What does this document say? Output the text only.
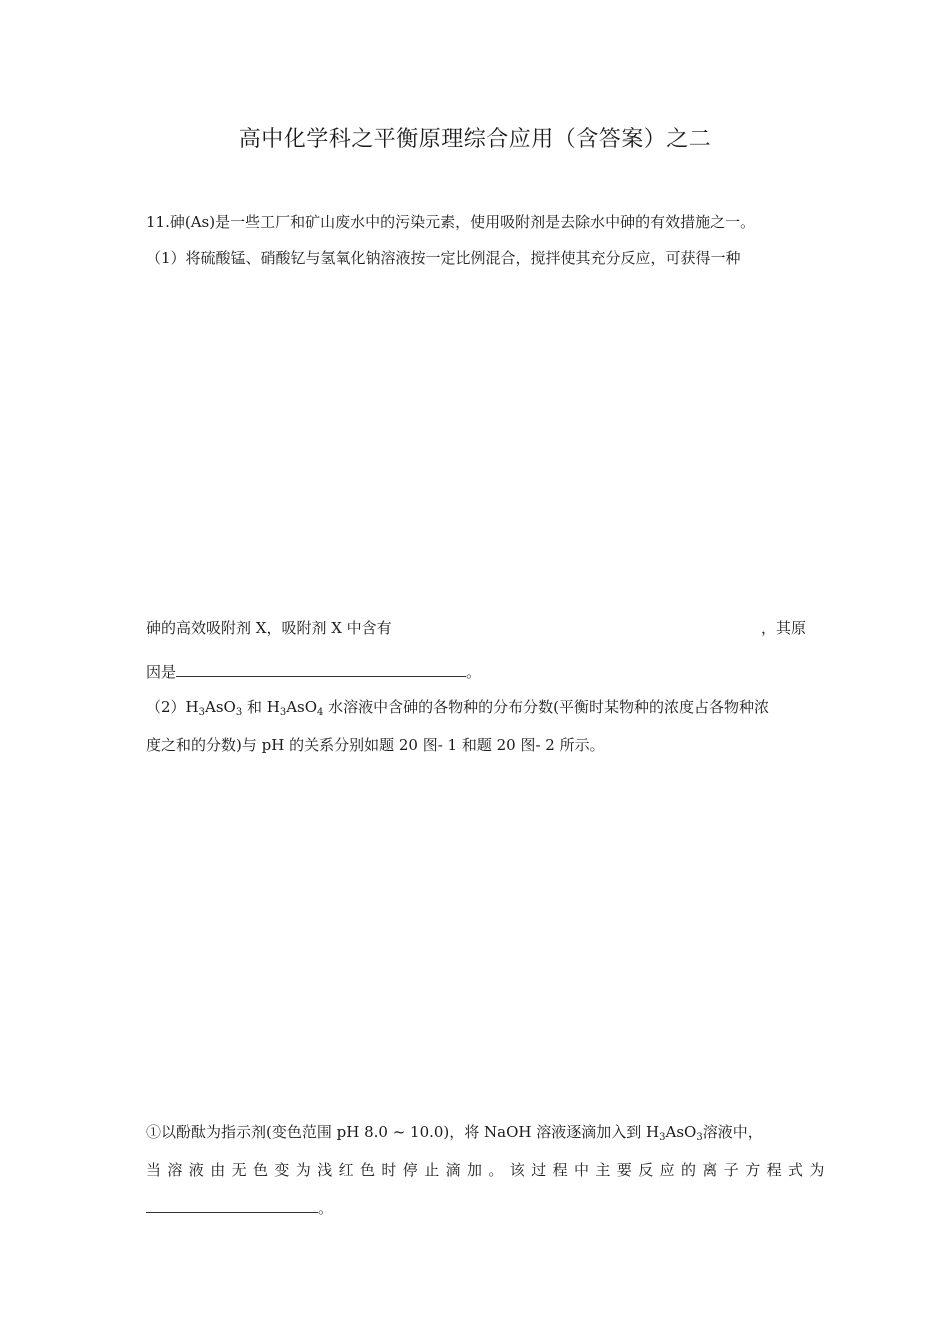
高中化学科之平衡原理综合应用（含答案）之二
11.砷(As)是一些工厂和矿山废水中的污染元素，使用吸附剂是去除水中砷的有效措施之一。
（1）将硫酸锰、硝酸钇与氢氧化钠溶液按一定比例混合，搅拌使其充分反应，可获得一种
砷的高效吸附剂 X，吸附剂 X 中含有	，其原
因是	。
$(2)H_3AsO_3$ 和 $H_3AsO_4$ 水溶液中含砷的各物种的分布分数(平衡时某物种的浓度占各物种浓
度之和的分数)与 pH 的关系分别如题 20 图- 1 和题 20 图- 2 所示。
①以酚酞为指示剂(变色范围 pH 8.0 ~ 10.0)，将 NaOH 溶液逐滴加入到 $H_3AsO_3$溶液中，
当溶液由无色变为浅红色时停止滴加。该过程中主要反应的离子方程式为
。
